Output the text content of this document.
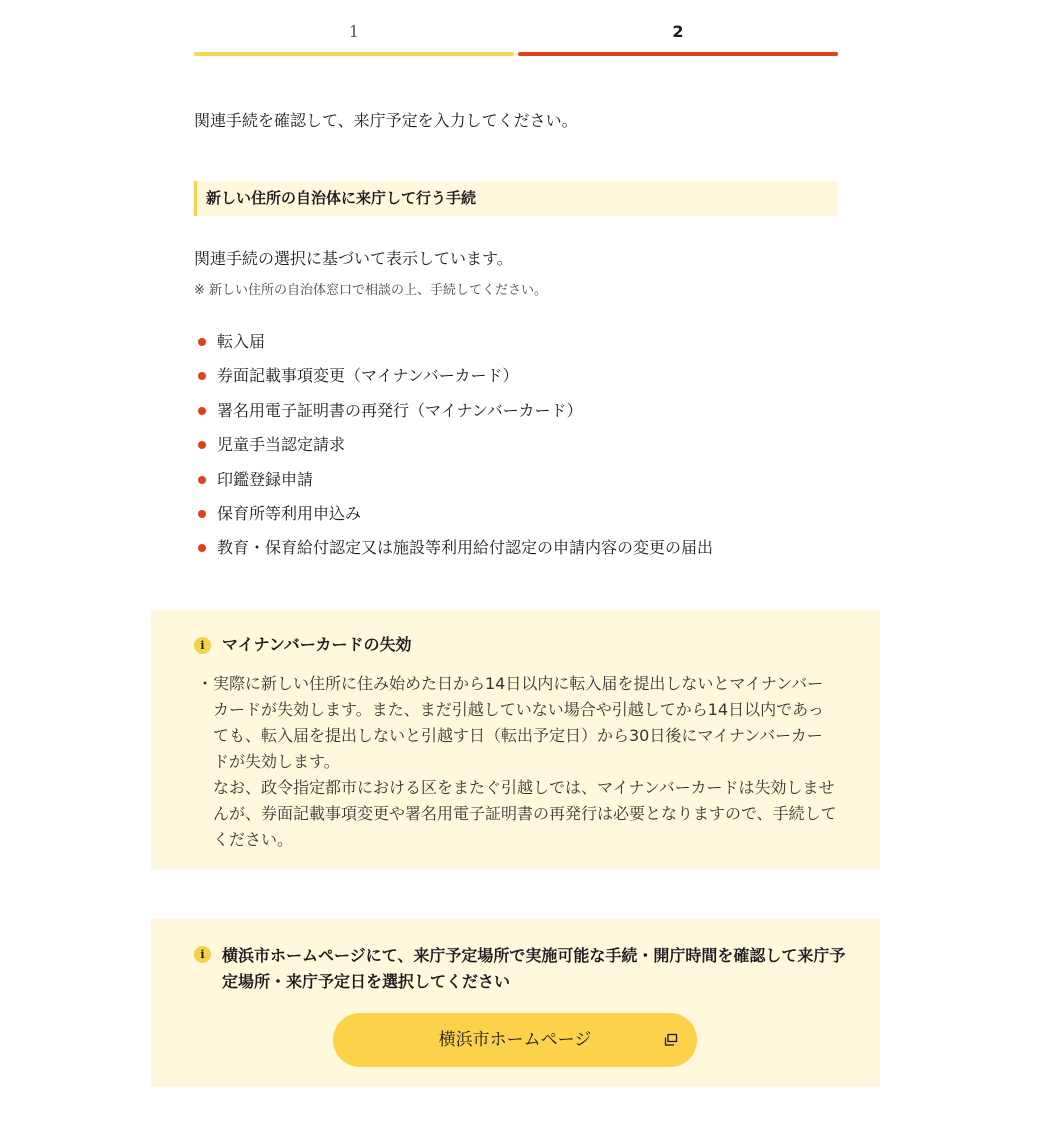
1	2
関連手続を確認して、来庁予定を入力してください。
新しい住所の自治体に来庁して行う手続
関連手続の選択に基づいて表示しています。
※ 新しい住所の自治体窓口で相談の上、手続してください。
転入届
券面記載事項変更（マイナンバーカード）
署名用電子証明書の再発行（マイナンバーカード）
児童手当認定請求
印鑑登録申請
保育所等利用申込み
教育・保育給付認定又は施設等利用給付認定の申請内容の変更の届出
i	マイナンバーカードの失効
・ 実際に新しい住所に住み始めた日から14日以内に転入届を提出しないとマイナンバーカードが失効します。また、まだ引越していない場合や引越してから14日以内であっても、転入届を提出しないと引越す日（転出予定日）から30日後にマイナンバーカードが失効します。

なお、政令指定都市における区をまたぐ引越しでは、マイナンバーカードは失効しませんが、券面記載事項変更や署名用電子証明書の再発行は必要となりますので、手続してください。

i	横浜市ホームページにて、来庁予定場所で実施可能な手続・開庁時間を確認して来庁予定場所・来庁予定日を選択してください
横浜市ホームページ
